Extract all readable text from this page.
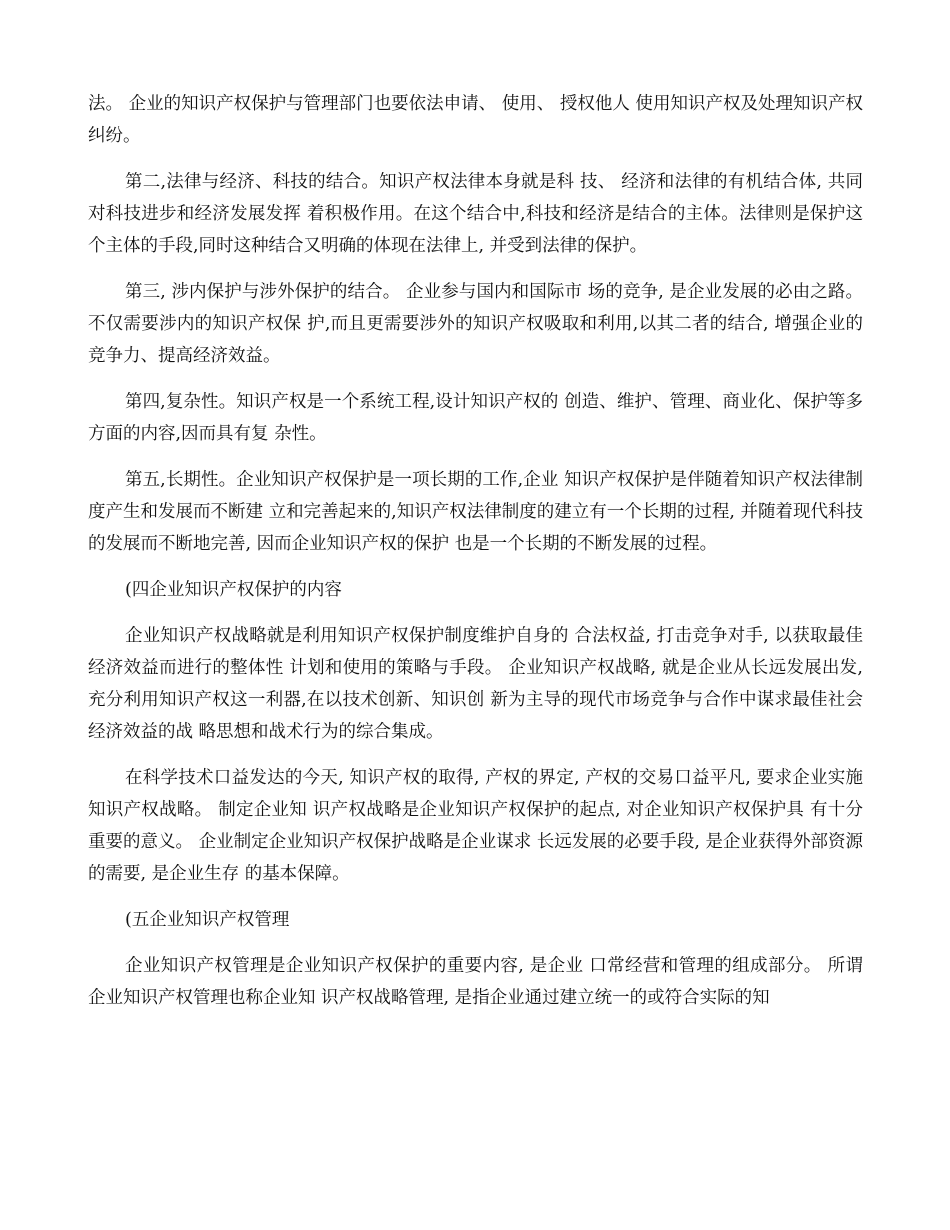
法。 企业的知识产权保护与管理部门也要依法申请、 使用、 授权他人 使用知识产权及处理知识产权纠纷。

第二,法律与经济、科技的结合。知识产权法律本身就是科 技、 经济和法律的有机结合体, 共同对科技进步和经济发展发挥 着积极作用。在这个结合中,科技和经济是结合的主体。法律则是保护这个主体的手段,同时这种结合又明确的体现在法律上, 并受到法律的保护。

第三, 涉内保护与涉外保护的结合。 企业参与国内和国际市 场的竞争, 是企业发展的必由之路。 不仅需要涉内的知识产权保 护,而且更需要涉外的知识产权吸取和利用,以其二者的结合, 增强企业的竞争力、提高经济效益。

第四,复杂性。知识产权是一个系统工程,设计知识产权的 创造、维护、管理、商业化、保护等多方面的内容,因而具有复 杂性。

第五,长期性。企业知识产权保护是一项长期的工作,企业 知识产权保护是伴随着知识产权法律制度产生和发展而不断建 立和完善起来的,知识产权法律制度的建立有一个长期的过程, 并随着现代科技的发展而不断地完善, 因而企业知识产权的保护 也是一个长期的不断发展的过程。

(四企业知识产权保护的内容

企业知识产权战略就是利用知识产权保护制度维护自身的 合法权益, 打击竞争对手, 以获取最佳经济效益而进行的整体性 计划和使用的策略与手段。 企业知识产权战略, 就是企业从长远发展出发,充分利用知识产权这一利器,在以技术创新、知识创 新为主导的现代市场竞争与合作中谋求最佳社会经济效益的战 略思想和战术行为的综合集成。

在科学技术口益发达的今天, 知识产权的取得, 产权的界定, 产权的交易口益平凡, 要求企业实施知识产权战略。 制定企业知 识产权战略是企业知识产权保护的起点, 对企业知识产权保护具 有十分重要的意义。 企业制定企业知识产权保护战略是企业谋求 长远发展的必要手段, 是企业获得外部资源的需要, 是企业生存 的基本保障。

(五企业知识产权管理

企业知识产权管理是企业知识产权保护的重要内容, 是企业 口常经营和管理的组成部分。 所谓企业知识产权管理也称企业知 识产权战略管理, 是指企业通过建立统一的或符合实际的知
